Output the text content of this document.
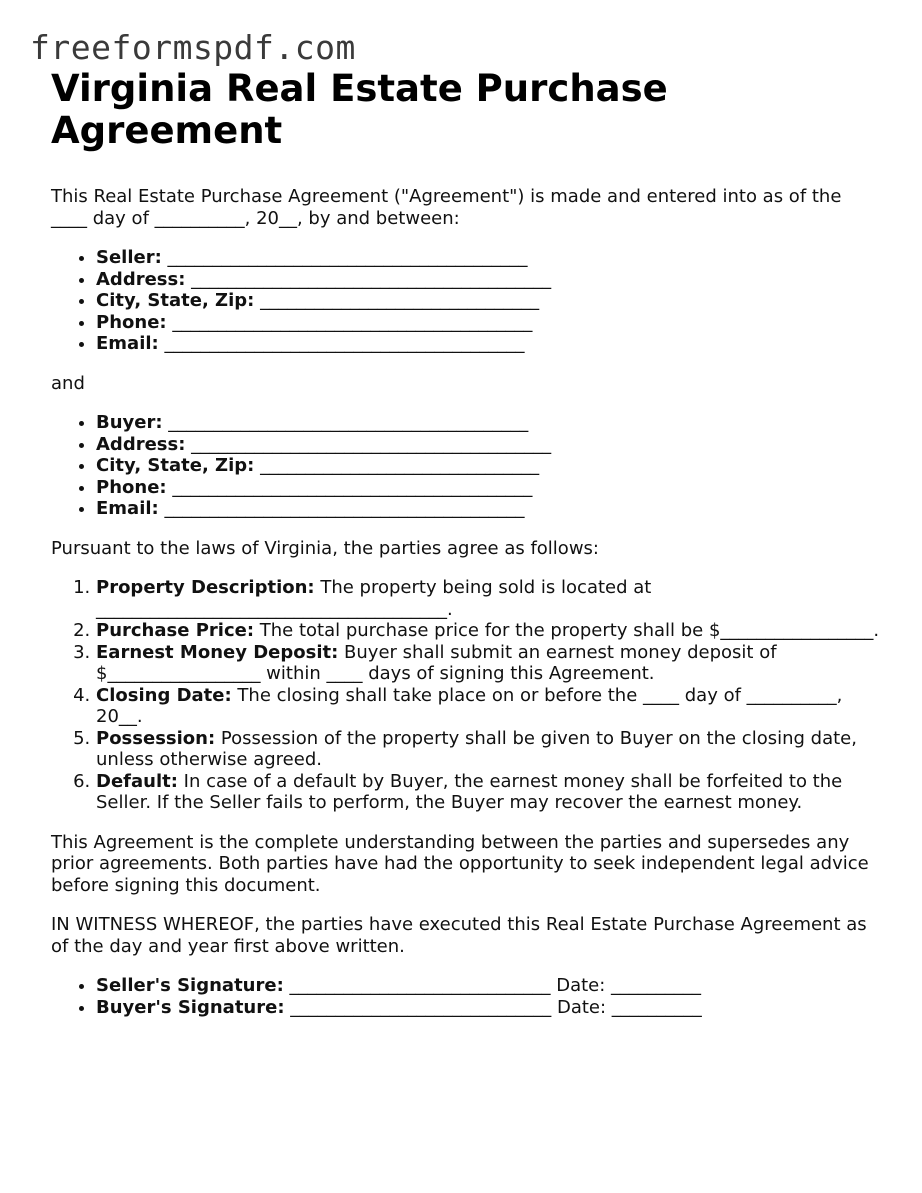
freeformspdf.com
Virginia Real Estate Purchase Agreement

This Real Estate Purchase Agreement ("Agreement") is made and entered into as of the ____ day of __________, 20__, by and between:

• Seller: ________________________________________
• Address: ________________________________________
• City, State, Zip: _______________________________
• Phone: ________________________________________
• Email: ________________________________________

and

• Buyer: ________________________________________
• Address: ________________________________________
• City, State, Zip: _______________________________
• Phone: ________________________________________
• Email: ________________________________________

Pursuant to the laws of Virginia, the parties agree as follows:

1. Property Description: The property being sold is located at _______________________________________.
2. Purchase Price: The total purchase price for the property shall be $_________________.
3. Earnest Money Deposit: Buyer shall submit an earnest money deposit of $_________________ within ____ days of signing this Agreement.
4. Closing Date: The closing shall take place on or before the ____ day of __________, 20__.
5. Possession: Possession of the property shall be given to Buyer on the closing date, unless otherwise agreed.
6. Default: In case of a default by Buyer, the earnest money shall be forfeited to the Seller. If the Seller fails to perform, the Buyer may recover the earnest money.

This Agreement is the complete understanding between the parties and supersedes any prior agreements. Both parties have had the opportunity to seek independent legal advice before signing this document.

IN WITNESS WHEREOF, the parties have executed this Real Estate Purchase Agreement as of the day and year first above written.

• Seller's Signature: _____________________________ Date: __________
• Buyer's Signature: _____________________________ Date: __________
